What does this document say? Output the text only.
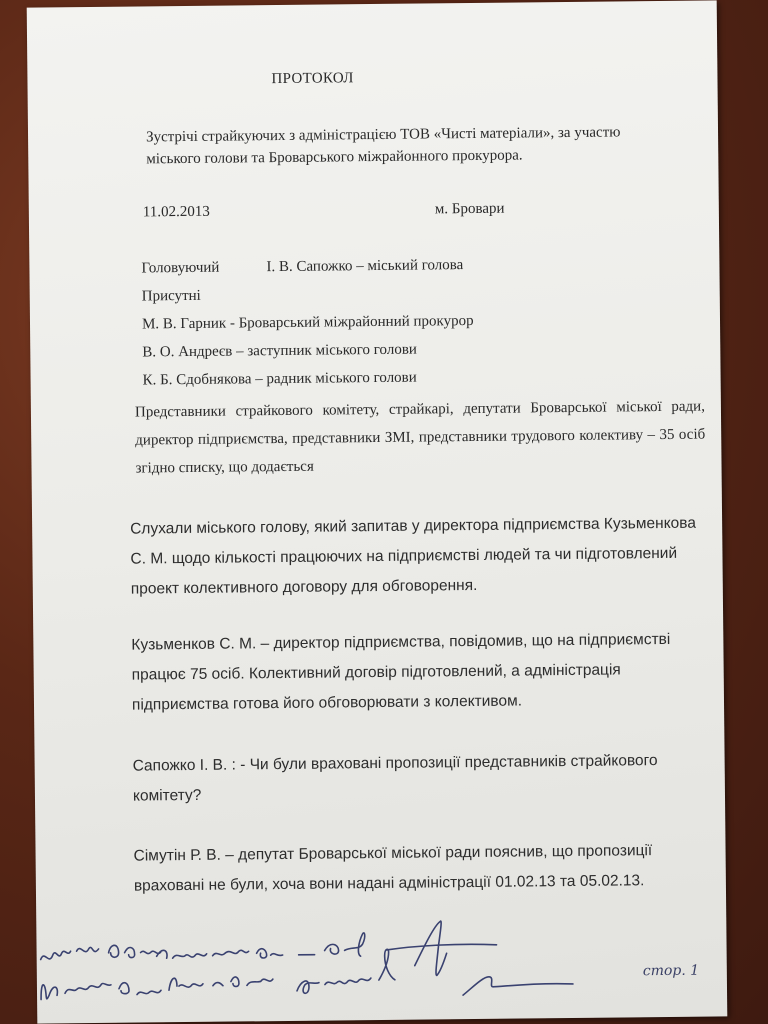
ПРОТОКОЛ
Зустрічі страйкуючих з адміністрацією ТОВ «Чисті матеріали», за участю
міського голови та Броварського міжрайонного прокурора.
11.02.2013	м. Бровари
Головуючий	І. В. Сапожко – міський голова
Присутні
М. В. Гарник - Броварський міжрайонний прокурор
В. О. Андреєв – заступник міського голови
К. Б. Сдобнякова – радник міського голови
Представники страйкового комітету, страйкарі, депутати Броварської міської ради, директор підприємства, представники ЗМІ, представники трудового колективу – 35 осіб згідно списку, що додається
Слухали міського голову, який запитав у директора підприємства Кузьменкова С. М. щодо кількості працюючих на підприємстві людей та чи підготовлений проект колективного договору для обговорення.
Кузьменков С. М. – директор підприємства, повідомив, що на підприємстві працює 75 осіб. Колективний договір підготовлений, а адміністрація підприємства готова його обговорювати з колективом.
Сапожко І. В. : - Чи були враховані пропозиції представників страйкового комітету?
Сімутін Р. В. – депутат Броварської міської ради пояснив, що пропозиції враховані не були, хоча вони надані адміністрації 01.02.13 та 05.02.13.
стор. 1
